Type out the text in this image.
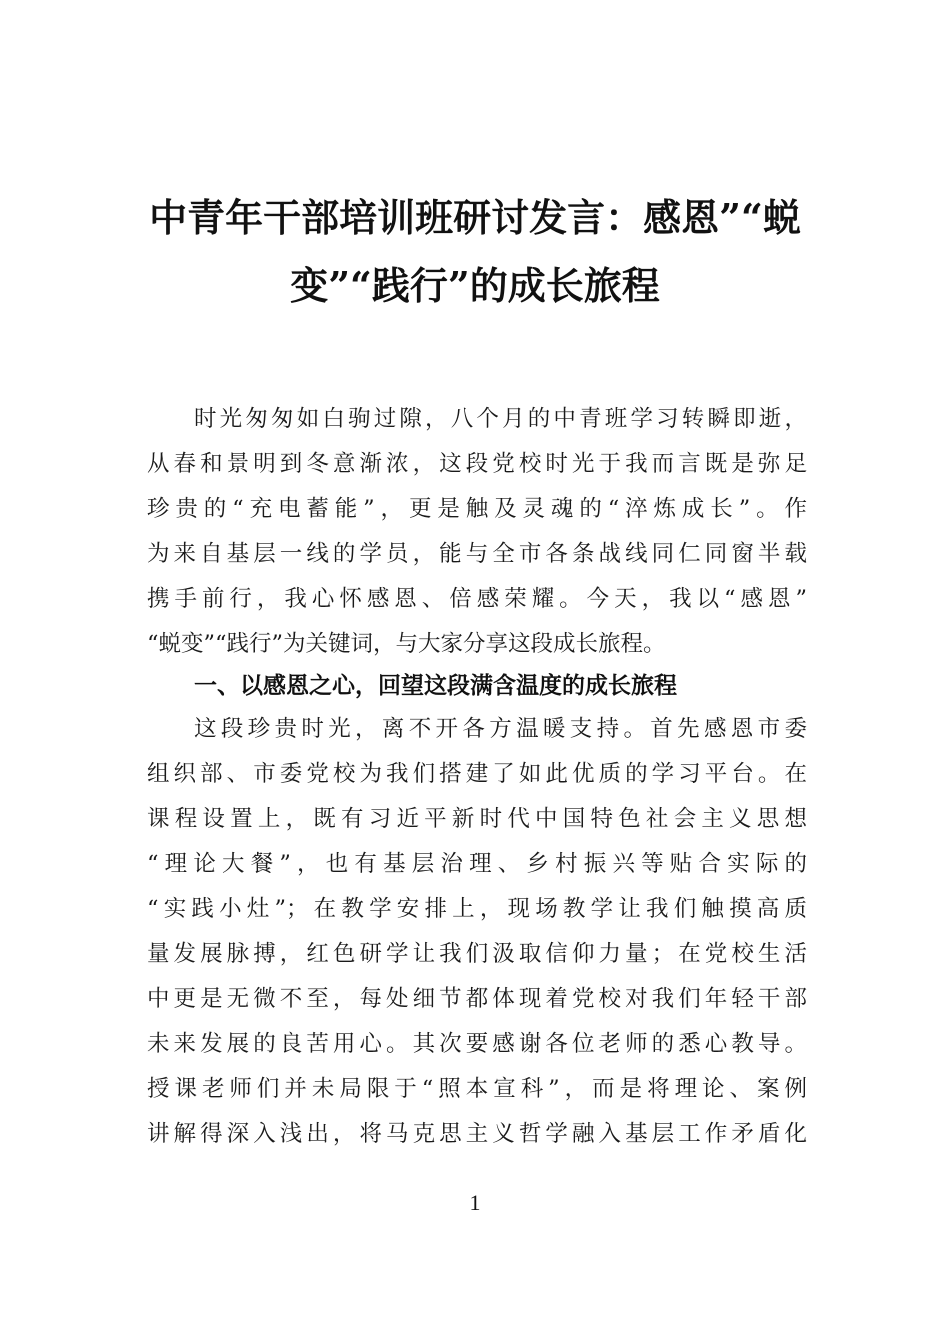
中青年干部培训班研讨发言：感恩”“蜕
变”“践行”的成长旅程
时光匆匆如白驹过隙，八个月的中青班学习转瞬即逝，
从春和景明到冬意渐浓，这段党校时光于我而言既是弥足
珍贵的“充电蓄能”，更是触及灵魂的“淬炼成长”。作
为来自基层一线的学员，能与全市各条战线同仁同窗半载
携手前行，我心怀感恩、倍感荣耀。今天，我以“感恩”
“蜕变”“践行”为关键词，与大家分享这段成长旅程。
一、以感恩之心，回望这段满含温度的成长旅程
这段珍贵时光，离不开各方温暖支持。首先感恩市委
组织部、市委党校为我们搭建了如此优质的学习平台。在
课程设置上，既有习近平新时代中国特色社会主义思想
“理论大餐”，也有基层治理、乡村振兴等贴合实际的
“实践小灶”；在教学安排上，现场教学让我们触摸高质
量发展脉搏，红色研学让我们汲取信仰力量；在党校生活
中更是无微不至，每处细节都体现着党校对我们年轻干部
未来发展的良苦用心。其次要感谢各位老师的悉心教导。
授课老师们并未局限于“照本宣科”，而是将理论、案例
讲解得深入浅出，将马克思主义哲学融入基层工作矛盾化
1
